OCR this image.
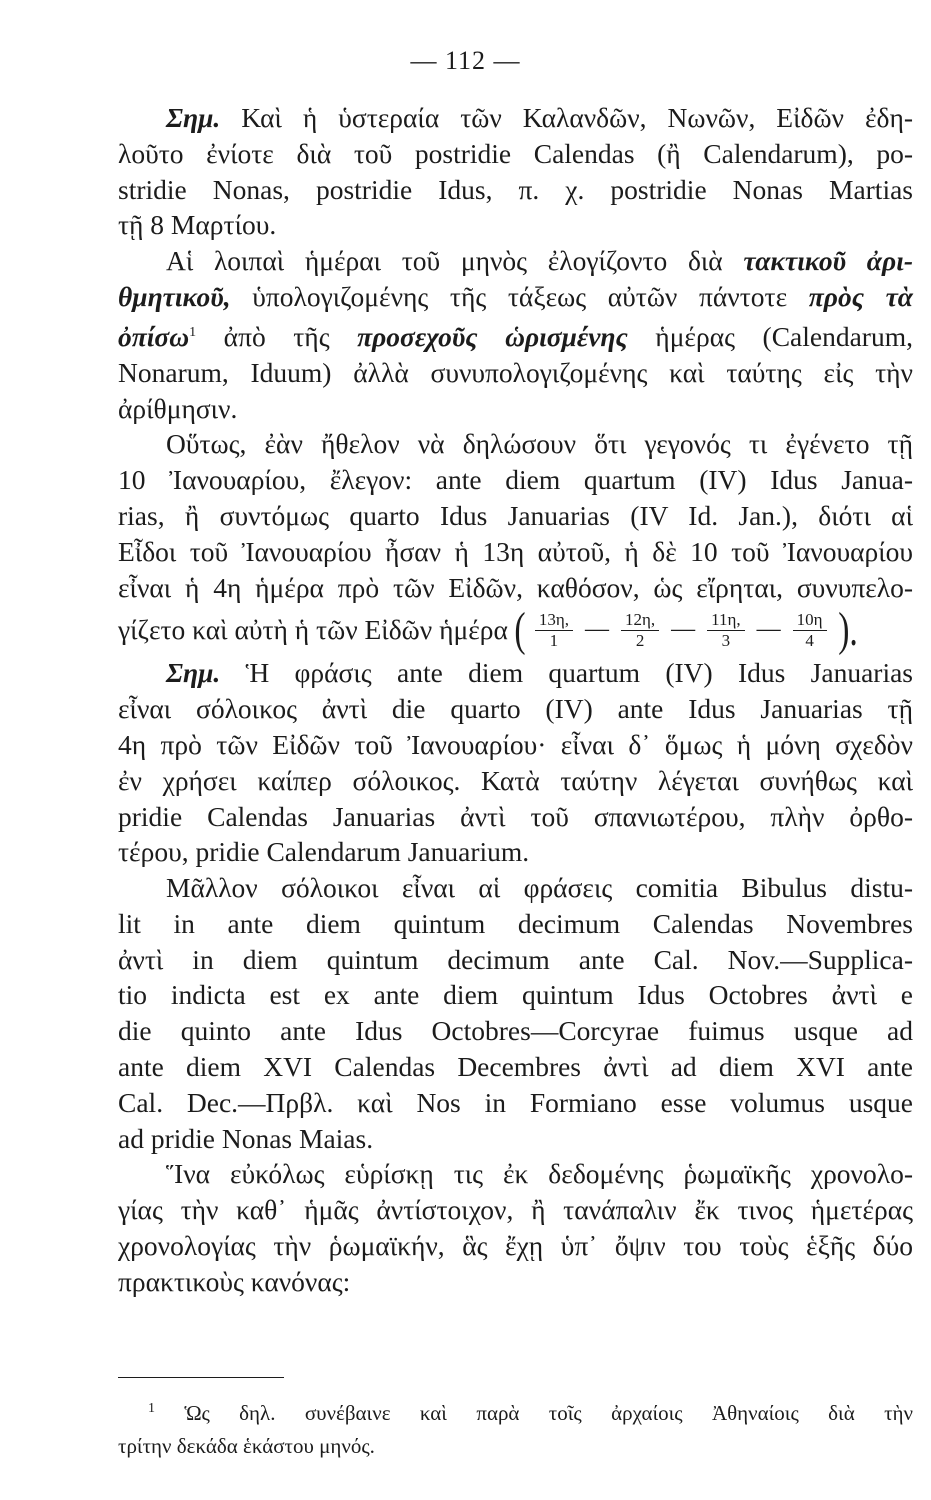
— 112 —
Σημ. Καὶ ἡ ὑστεραία τῶν Καλανδῶν, Νωνῶν, Εἰδῶν ἐδη-
λοῦτο ἐνίοτε διὰ τοῦ postridie Calendas (ἢ Calendarum), po-
stridie Nonas, postridie Idus, π. χ. postridie Nonas Martias
τῇ 8 Μαρτίου.
Αἱ λοιπαὶ ἡμέραι τοῦ μηνὸς ἐλογίζοντο διὰ τακτικοῦ ἀρι-
θμητικοῦ, ὑπολογιζομένης τῆς τάξεως αὐτῶν πάντοτε πρὸς τὰ
ὀπίσω$^1$ ἀπὸ τῆς προσεχοῦς ὡρισμένης ἡμέρας (Calendarum,
Nonarum, Iduum) ἀλλὰ συνυπολογιζομένης καὶ ταύτης εἰς τὴν
ἀρίθμησιν.
Οὕτως, ἐὰν ἤθελον νὰ δηλώσουν ὅτι γεγονός τι ἐγένετο τῇ
10 Ἰανουαρίου, ἔλεγον: ante diem quartum (IV) Idus Janua-
rias, ἢ συντόμως quarto Idus Januarias (IV Id. Jan.), διότι αἱ
Εἶδοι τοῦ Ἰανουαρίου ἦσαν ἡ 13η αὐτοῦ, ἡ δὲ 10 τοῦ Ἰανουαρίου
εἶναι ἡ 4η ἡμέρα πρὸ τῶν Εἰδῶν, καθόσον, ὡς εἴρηται, συνυπελο-
γίζετο καὶ αὐτὴ ἡ τῶν Εἰδῶν ἡμέρα ( $\frac{13\eta,}{1}$ — $\frac{12\eta,}{2}$ — $\frac{11\eta,}{3}$ — $\frac{10\eta}{4}$ ).
Σημ. Ἡ φράσις ante diem quartum (IV) Idus Januarias
εἶναι σόλοικος ἀντὶ die quarto (IV) ante Idus Januarias τῇ
4η πρὸ τῶν Εἰδῶν τοῦ Ἰανουαρίου· εἶναι δ᾿ ὅμως ἡ μόνη σχεδὸν
ἐν χρήσει καίπερ σόλοικος. Κατὰ ταύτην λέγεται συνήθως καὶ
pridie Calendas Januarias ἀντὶ τοῦ σπανιωτέρου, πλὴν ὀρθο-
τέρου, pridie Calendarum Januarium.
Μᾶλλον σόλοικοι εἶναι αἱ φράσεις comitia Bibulus distu-
lit in ante diem quintum decimum Calendas Novembres
ἀντὶ in diem quintum decimum ante Cal. Nov.—Supplica-
tio indicta est ex ante diem quintum Idus Octobres ἀντὶ e
die quinto ante Idus Octobres—Corcyrae fuimus usque ad
ante diem XVI Calendas Decembres ἀντὶ ad diem XVI ante
Cal. Dec.—Πρβλ. καὶ Nos in Formiano esse volumus usque
ad pridie Nonas Maias.
Ἵνα εὐκόλως εὑρίσκῃ τις ἐκ δεδομένης ῥωμαϊκῆς χρονολο-
γίας τὴν καθ᾿ ἡμᾶς ἀντίστοιχον, ἢ τανάπαλιν ἔκ τινος ἡμετέρας
χρονολογίας τὴν ῥωμαϊκήν, ἃς ἔχῃ ὑπ᾿ ὄψιν του τοὺς ἑξῆς δύο
πρακτικοὺς κανόνας:
$^1$ Ὡς δηλ. συνέβαινε καὶ παρὰ τοῖς ἀρχαίοις Ἀθηναίοις διὰ τὴν
τρίτην δεκάδα ἑκάστου μηνός.
